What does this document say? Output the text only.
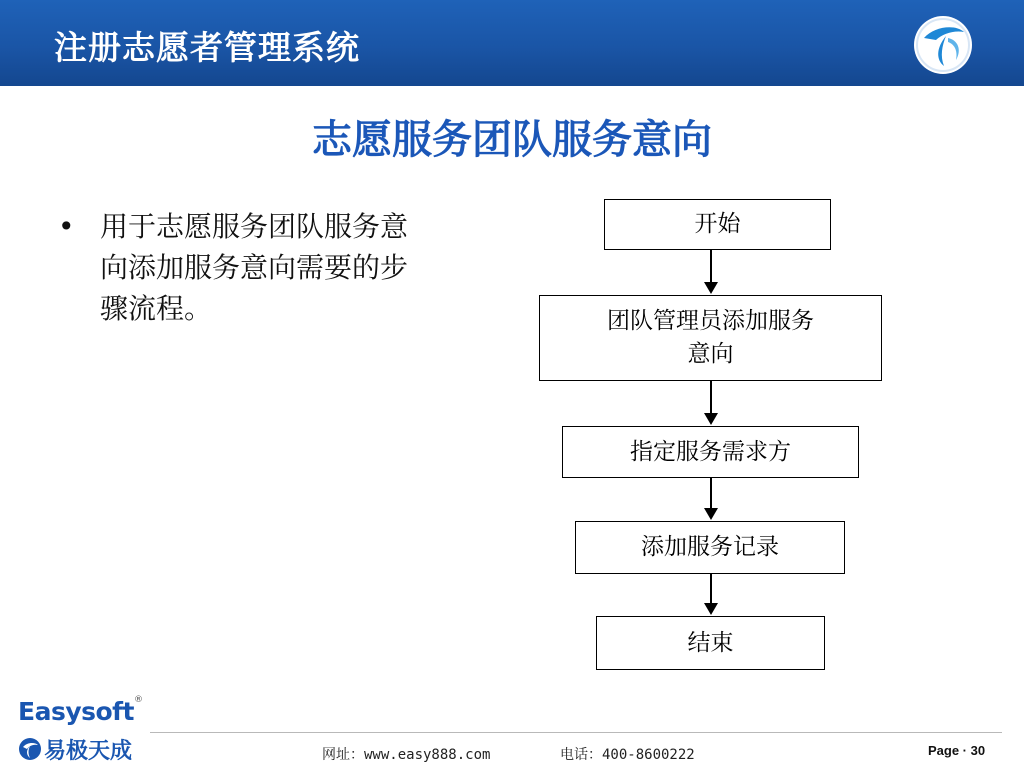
注册志愿者管理系统
志愿服务团队服务意向
• 用于志愿服务团队服务意
向添加服务意向需要的步
骤流程。
开始
团队管理员添加服务
意向
指定服务需求方
添加服务记录
结束
Easysoft ®
易极天成	网址：www.easy888.com	电话：400-8600222	Page · 30
